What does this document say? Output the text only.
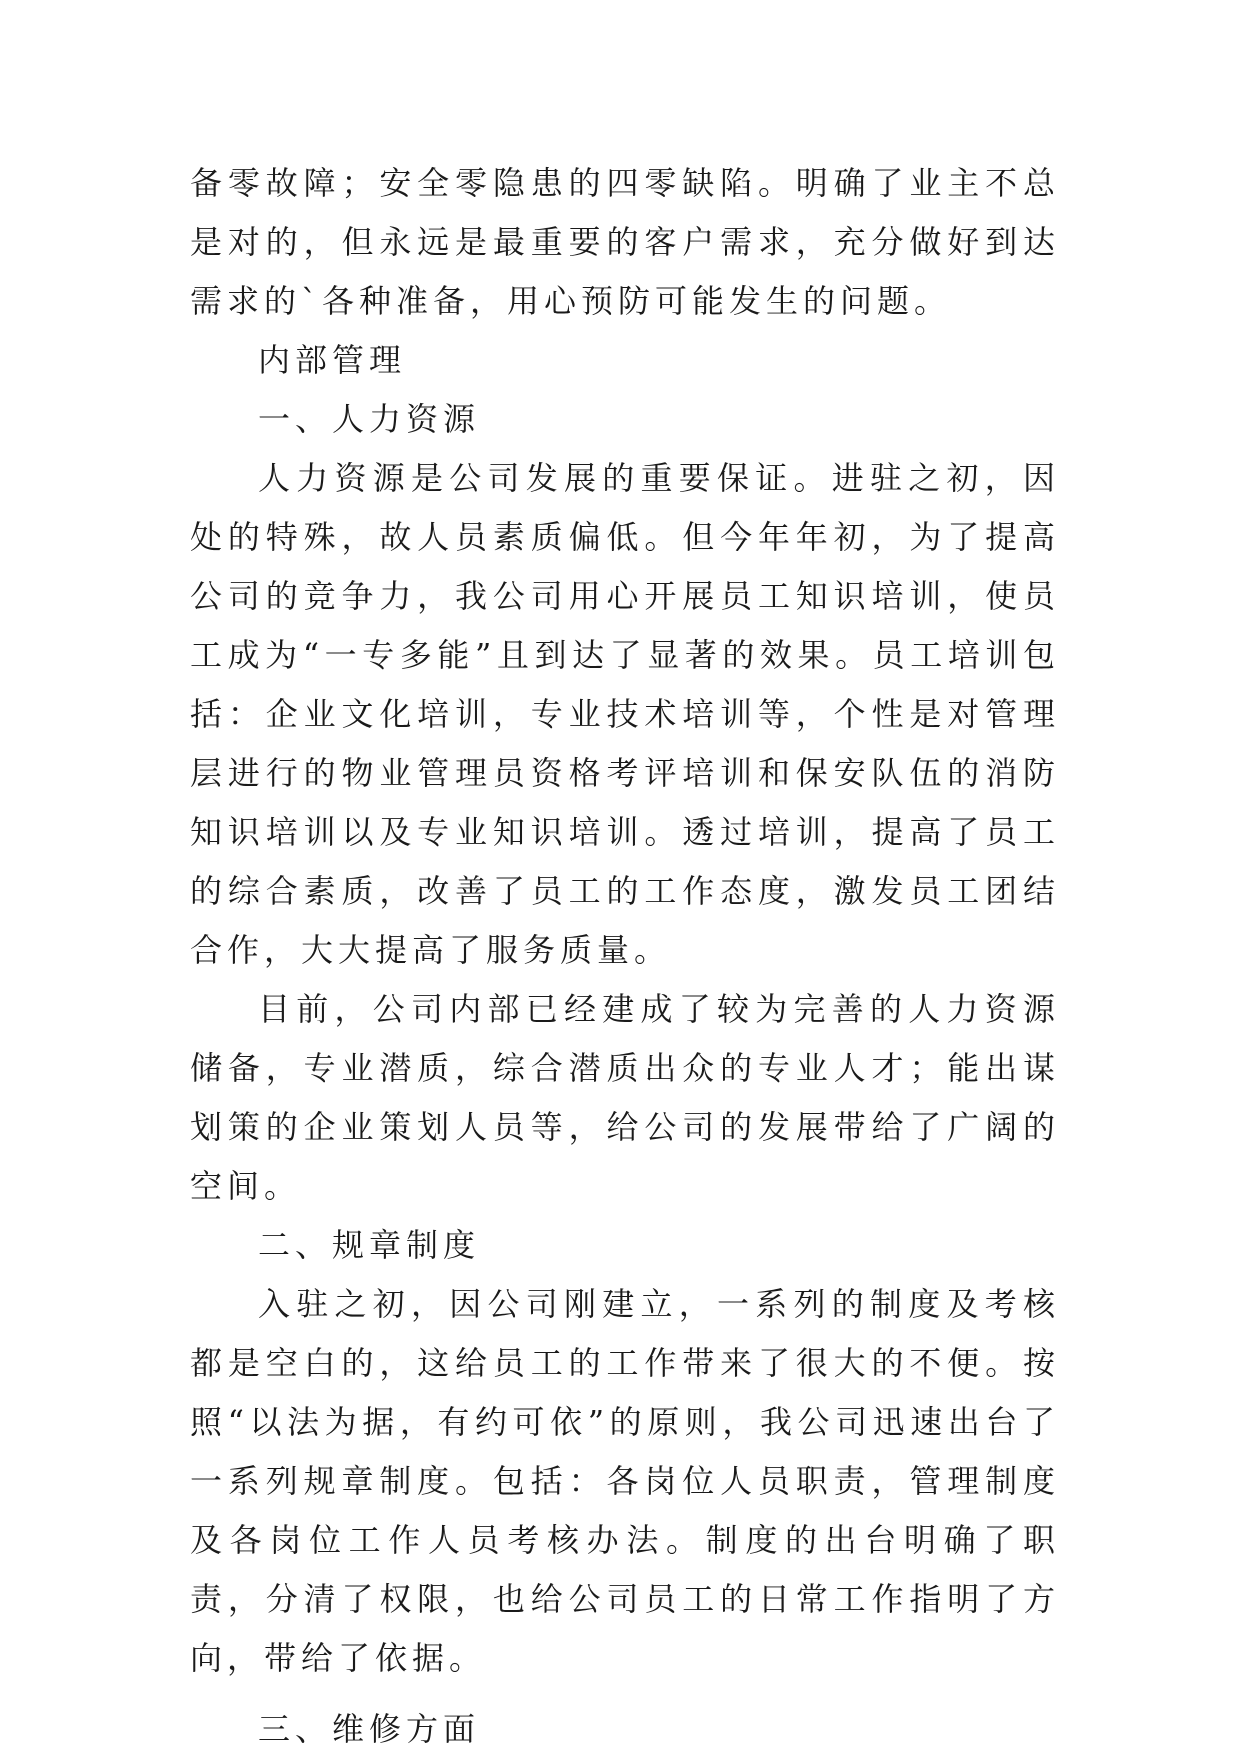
备零故障；安全零隐患的四零缺陷。明确了业主不总是对的，但永远是最重要的客户需求，充分做好到达需求的`各种准备，用心预防可能发生的问题。

内部管理

一、人力资源

人力资源是公司发展的重要保证。进驻之初，因处的特殊，故人员素质偏低。但今年年初，为了提高公司的竞争力，我公司用心开展员工知识培训，使员工成为“一专多能”且到达了显著的效果。员工培训包括：企业文化培训，专业技术培训等，个性是对管理层进行的物业管理员资格考评培训和保安队伍的消防知识培训以及专业知识培训。透过培训，提高了员工的综合素质，改善了员工的工作态度，激发员工团结合作，大大提高了服务质量。

目前，公司内部已经建成了较为完善的人力资源储备，专业潜质，综合潜质出众的专业人才；能出谋划策的企业策划人员等，给公司的发展带给了广阔的空间。

二、规章制度

入驻之初，因公司刚建立，一系列的制度及考核都是空白的，这给员工的工作带来了很大的不便。按照“以法为据，有约可依”的原则，我公司迅速出台了一系列规章制度。包括：各岗位人员职责，管理制度及各岗位工作人员考核办法。制度的出台明确了职责，分清了权限，也给公司员工的日常工作指明了方向，带给了依据。

三、维修方面
